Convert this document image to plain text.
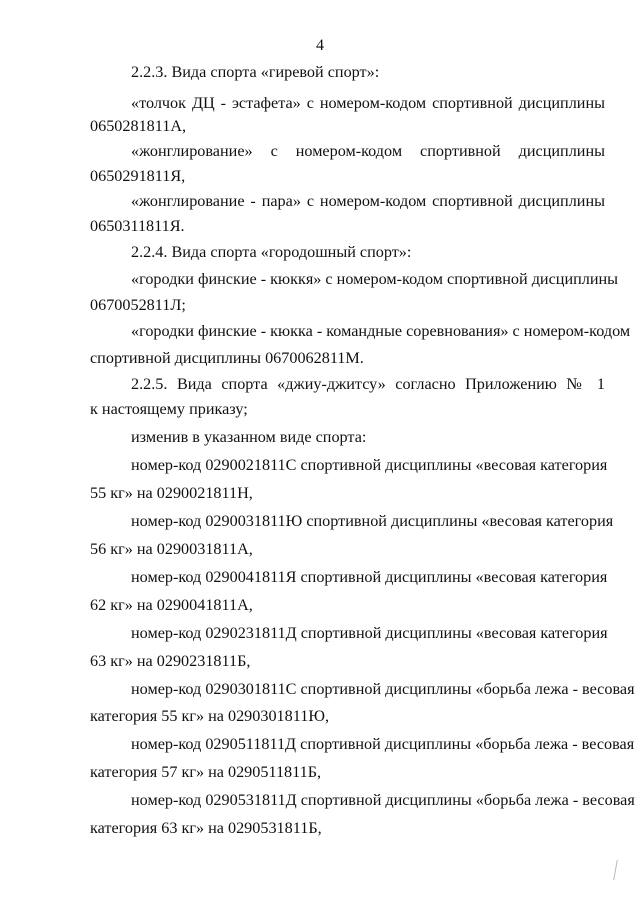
4
2.2.3. Вида спорта «гиревой спорт»:
«толчок ДЦ - эстафета» с номером-кодом спортивной дисциплины
0650281811А,
«жонглирование» с номером-кодом спортивной дисциплины
0650291811Я,
«жонглирование - пара» с номером-кодом спортивной дисциплины
0650311811Я.
2.2.4. Вида спорта «городошный спорт»:
«городки финские - кюккя» с номером-кодом спортивной дисциплины
0670052811Л;
«городки финские - кюкка - командные соревнования» с номером-кодом
спортивной дисциплины 0670062811М.
2.2.5. Вида спорта «джиу-джитсу» согласно Приложению № 1
к настоящему приказу;
изменив в указанном виде спорта:
номер-код 0290021811С спортивной дисциплины «весовая категория
55 кг» на 0290021811Н,
номер-код 0290031811Ю спортивной дисциплины «весовая категория
56 кг» на 0290031811А,
номер-код 0290041811Я спортивной дисциплины «весовая категория
62 кг» на 0290041811А,
номер-код 0290231811Д спортивной дисциплины «весовая категория
63 кг» на 0290231811Б,
номер-код 0290301811С спортивной дисциплины «борьба лежа - весовая
категория 55 кг» на 0290301811Ю,
номер-код 0290511811Д спортивной дисциплины «борьба лежа - весовая
категория 57 кг» на 0290511811Б,
номер-код 0290531811Д спортивной дисциплины «борьба лежа - весовая
категория 63 кг» на 0290531811Б,
